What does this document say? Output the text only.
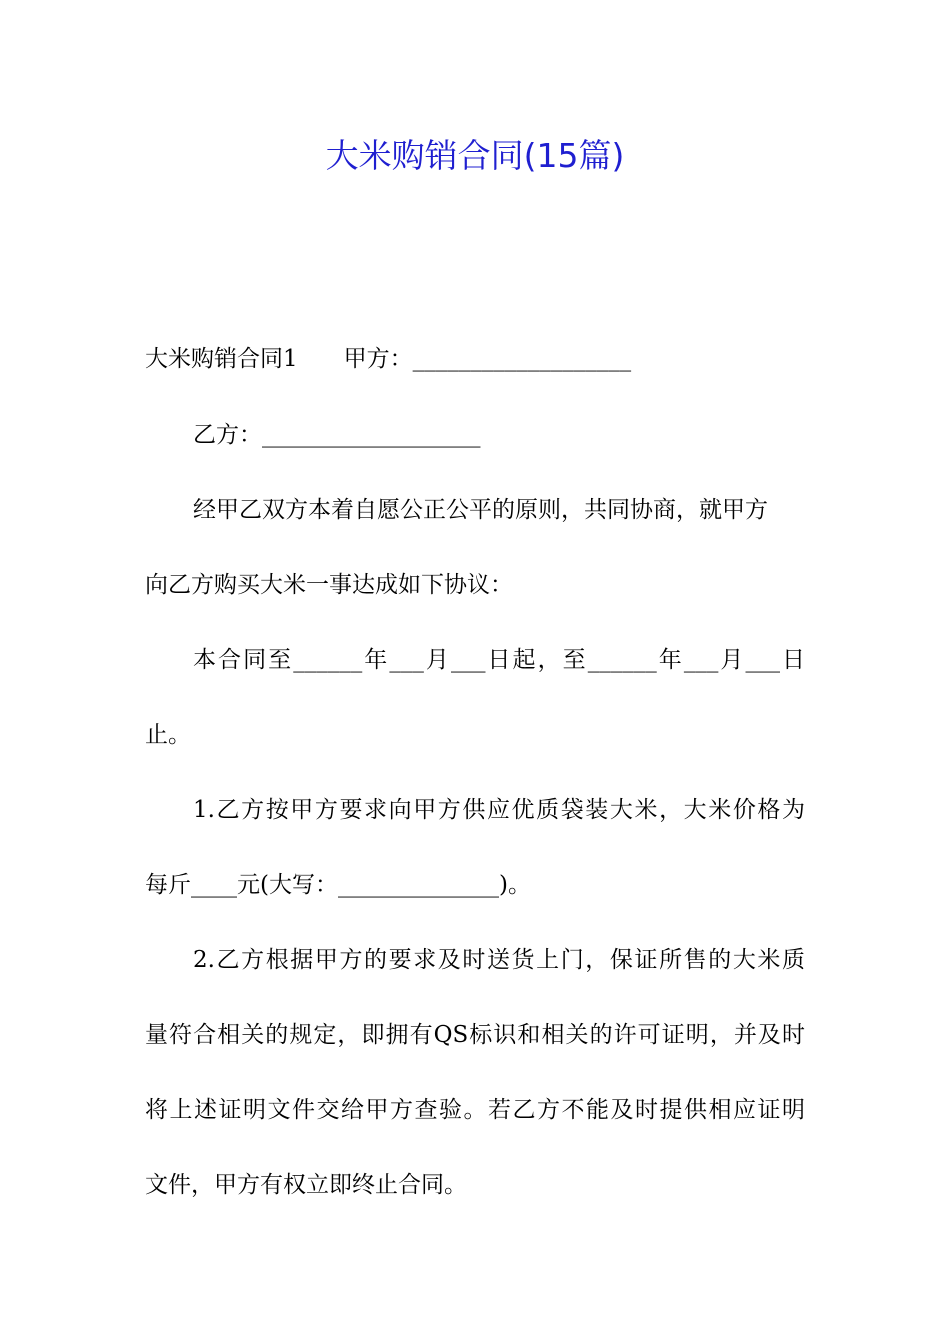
大米购销合同(15篇)
大米购销合同1　　甲方：___________________
乙方：___________________
经甲乙双方本着自愿公正公平的原则，共同协商，就甲方
向乙方购买大米一事达成如下协议：
本合同至______年___月___日起，至______年___月___日
止。
1.乙方按甲方要求向甲方供应优质袋装大米，大米价格为
每斤____元(大写：______________)。
2.乙方根据甲方的要求及时送货上门，保证所售的大米质
量符合相关的规定，即拥有QS标识和相关的许可证明，并及时
将上述证明文件交给甲方查验。若乙方不能及时提供相应证明
文件，甲方有权立即终止合同。
